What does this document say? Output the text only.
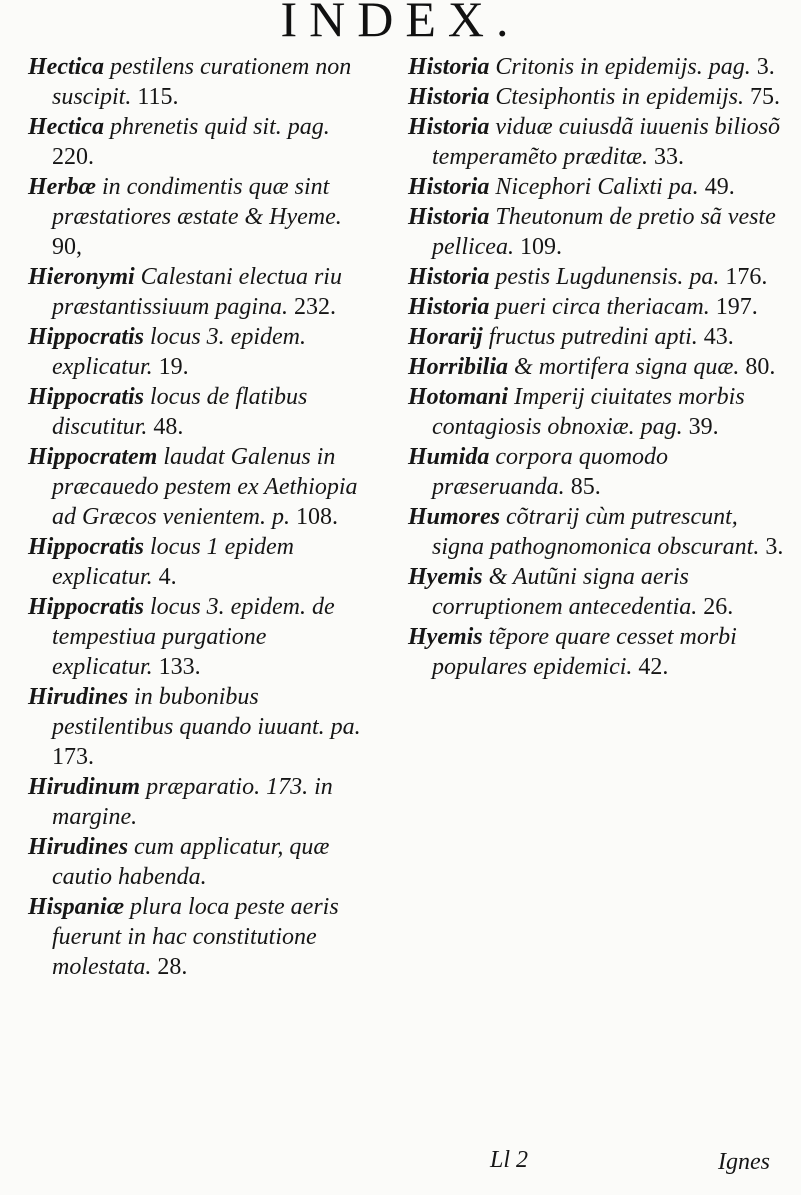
INDEX.

Hectica pestilens curationem non suscipit. 115.

Hectica phrenetis quid sit. pag. 220.

Herbæ in condimentis quæ sint præstatiores æstate & Hyeme. 90,

Hieronymi Calestani electua riu præstantissiuum pagina. 232.

Hippocratis locus 3. epidem. explicatur. 19.

Hippocratis locus de flatibus discutitur. 48.

Hippocratem laudat Galenus in præcauedo pestem ex Aethiopia ad Græcos venientem. p. 108.

Hippocratis locus 1 epidem explicatur. 4.

Hippocratis locus 3. epidem. de tempestiua purgatione explicatur. 133.

Hirudines in bubonibus pestilentibus quando iuuant. pa. 173.

Hirudinum præparatio. 173. in margine.

Hirudines cum applicatur, quæ cautio habenda.

Hispaniæ plura loca peste aeris fuerunt in hac constitutione molestata. 28.

Historia Critonis in epidemijs. pag. 3.

Historia Ctesiphontis in epidemijs. 75.

Historia viduæ cuiusdã iuuenis biliosõ temperamẽto præditæ. 33.

Historia Nicephori Calixti pa. 49.

Historia Theutonum de pretio sã veste pellicea. 109.

Historia pestis Lugdunensis. pa. 176.

Historia pueri circa theriacam. 197.

Horarij fructus putredini apti. 43.

Horribilia & mortifera signa quæ. 80.

Hotomani Imperij ciuitates morbis contagiosis obnoxiæ. pag. 39.

Humida corpora quomodo præseruanda. 85.

Humores cõtrarij cùm putrescunt, signa pathognomonica obscurant. 3.

Hyemis & Autũni signa aeris corruptionem antecedentia. 26.

Hyemis tẽpore quare cesset morbi populares epidemici. 42.

Ll 2	Ignes
